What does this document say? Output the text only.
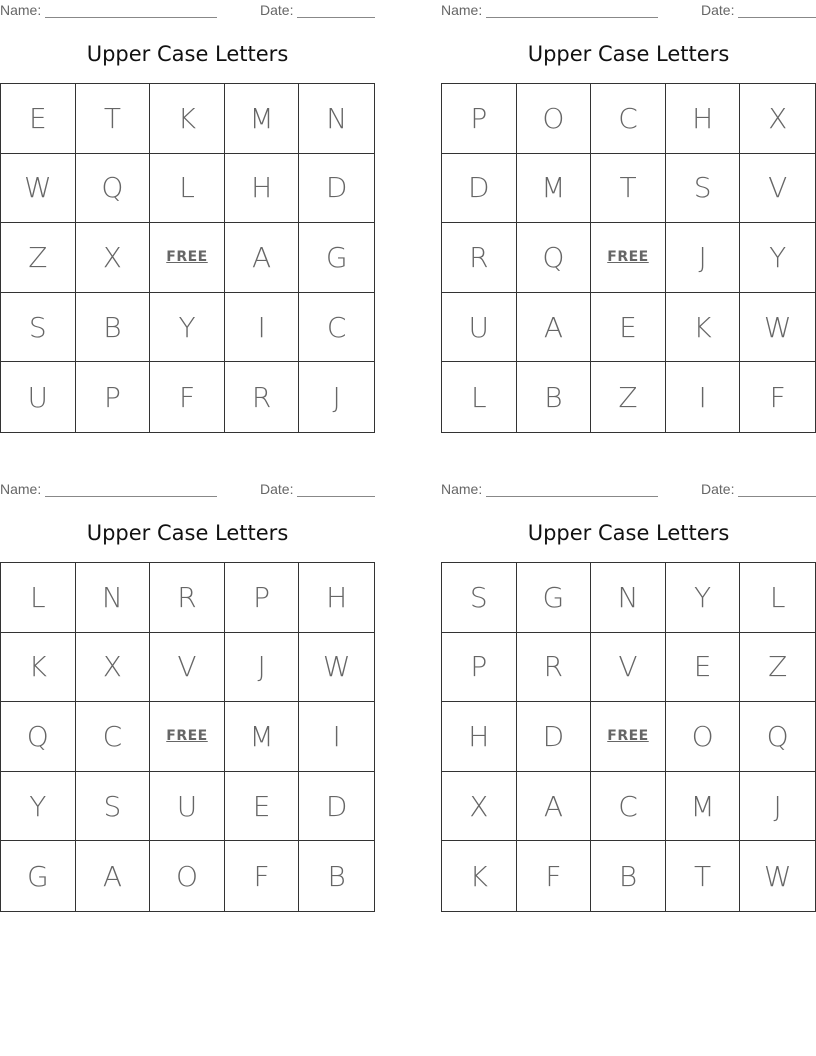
Name:	Date:
Upper Case Letters
E	T	K	M	N
W	Q	L	H	D
Z	X	FREE	A	G
S	B	Y	I	C
U	P	F	R	J
Name:	Date:
Upper Case Letters
P	O	C	H	X
D	M	T	S	V
R	Q	FREE	J	Y
U	A	E	K	W
L	B	Z	I	F
Name:	Date:
Upper Case Letters
L	N	R	P	H
K	X	V	J	W
Q	C	FREE	M	I
Y	S	U	E	D
G	A	O	F	B
Name:	Date:
Upper Case Letters
S	G	N	Y	L
P	R	V	E	Z
H	D	FREE	O	Q
X	A	C	M	J
K	F	B	T	W
